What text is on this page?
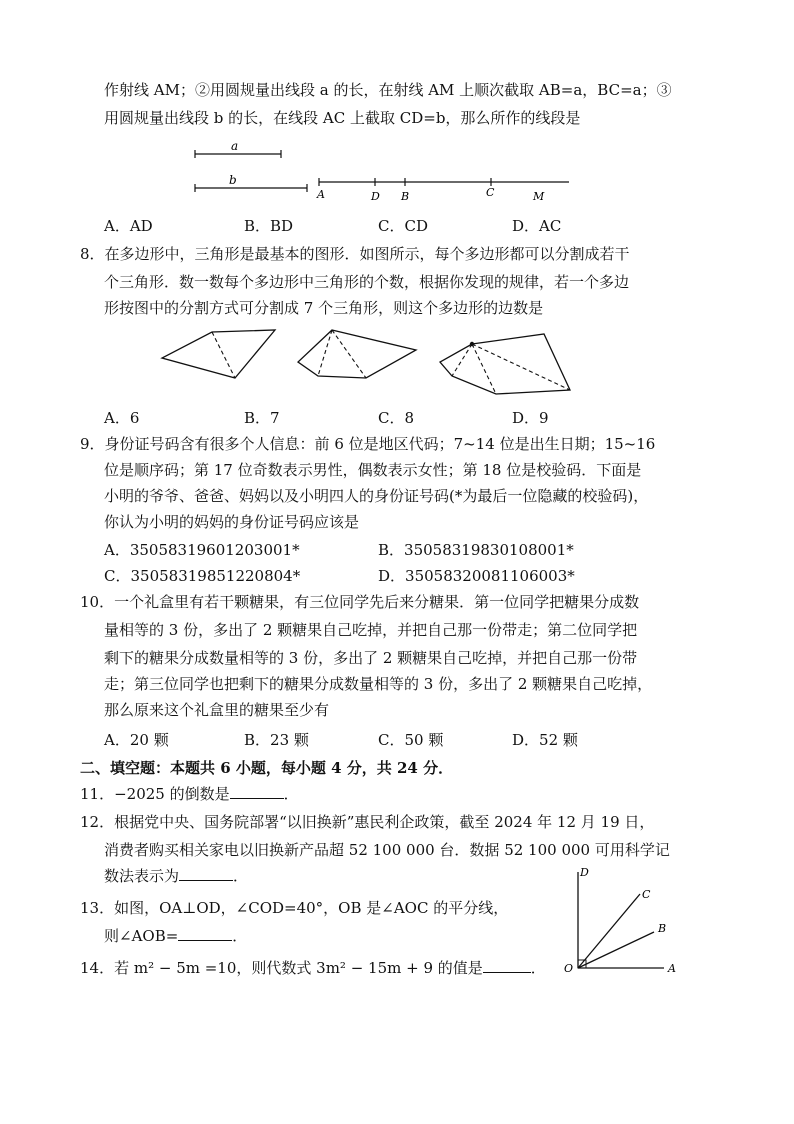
作射线 AM；②用圆规量出线段 a 的长，在射线 AM 上顺次截取 AB=a，BC=a；③
用圆规量出线段 b 的长，在线段 AC 上截取 CD=b，那么所作的线段是
a
b
A	D B	C	M
A．AD	B．BD	C．CD	D．AC
8．在多边形中，三角形是最基本的图形．如图所示，每个多边形都可以分割成若干
个三角形．数一数每个多边形中三角形的个数，根据你发现的规律，若一个多边
形按图中的分割方式可分割成 7 个三角形，则这个多边形的边数是
A．6	B．7	C．8	D．9
9．身份证号码含有很多个人信息：前 6 位是地区代码；7~14 位是出生日期；15~16
位是顺序码；第 17 位奇数表示男性，偶数表示女性；第 18 位是校验码．下面是
小明的爷爷、爸爸、妈妈以及小明四人的身份证号码(*为最后一位隐藏的校验码)，
你认为小明的妈妈的身份证号码应该是
A．35058319601203001*	B．35058319830108001*
C．35058319851220804*	D．35058320081106003*
10．一个礼盒里有若干颗糖果，有三位同学先后来分糖果．第一位同学把糖果分成数
量相等的 3 份，多出了 2 颗糖果自己吃掉，并把自己那一份带走；第二位同学把
剩下的糖果分成数量相等的 3 份，多出了 2 颗糖果自己吃掉，并把自己那一份带
走；第三位同学也把剩下的糖果分成数量相等的 3 份，多出了 2 颗糖果自己吃掉，
那么原来这个礼盒里的糖果至少有
A．20 颗	B．23 颗	C．50 颗	D．52 颗
二、填空题：本题共 6 小题，每小题 4 分，共 24 分．
11．−2025 的倒数是	．
12．根据党中央、国务院部署“以旧换新”惠民利企政策，截至 2024 年 12 月 19 日，
消费者购买相关家电以旧换新产品超 52 100 000 台．数据 52 100 000 可用科学记
数法表示为	．
13．如图，OA⊥OD，∠COD=40°，OB 是∠AOC 的平分线，
则∠AOB=	．
O	A
B
C
D
14．若 m² − 5m =10，则代数式 3m² − 15m + 9 的值是	．
